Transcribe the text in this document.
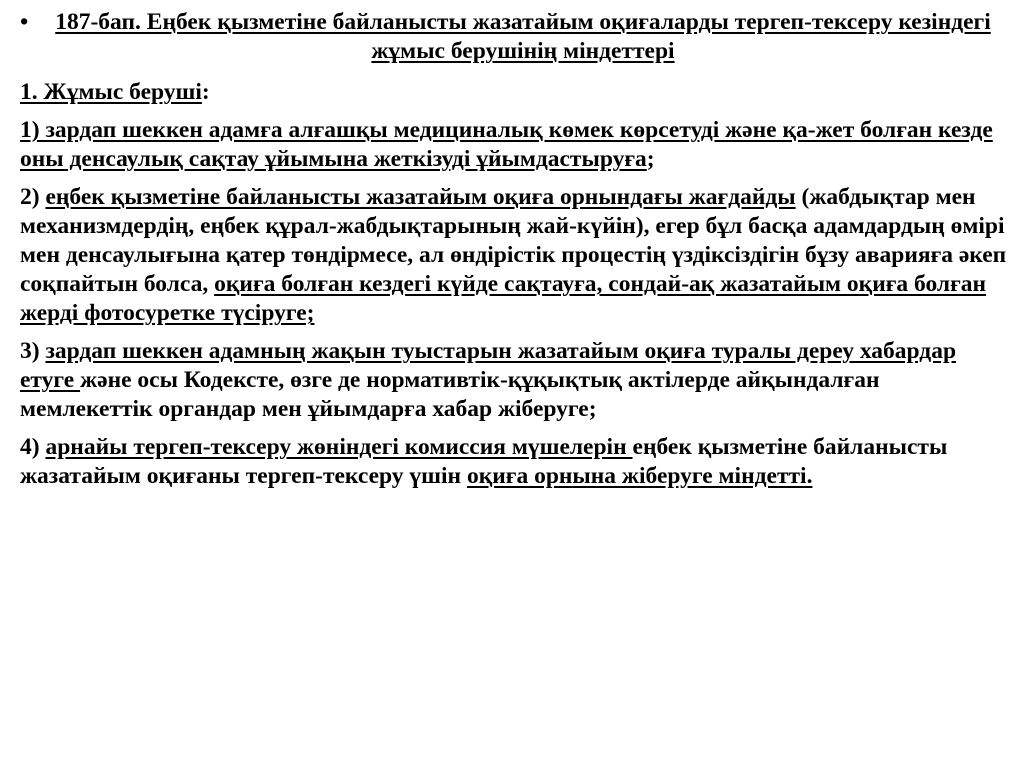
• 187-бап. Еңбек қызметіне байланысты жазатайым оқиғаларды тергеп-тексеру кезіндегі жұмыс берушінің міндеттері
1. Жұмыс беруші:
1) зардап шеккен адамға алғашқы медициналық көмек көрсетуді және қа-жет болған кезде оны денсаулық сақтау ұйымына жеткізуді ұйымдастыруға;
2) еңбек қызметіне байланысты жазатайым оқиға орнындағы жағдайды (жабдықтар мен механизмдердің, еңбек құрал-жабдықтарының жай-күйін), егер бұл басқа адамдардың өмірі мен денсаулығына қатер төндірмесе, ал өндірістік процестің үздіксіздігін бұзу аварияға әкеп соқпайтын болса, оқиға болған кездегі күйде сақтауға, сондай-ақ жазатайым оқиға болған жерді фотосуретке түсіруге;
3) зардап шеккен адамның жақын туыстарын жазатайым оқиға туралы дереу хабардар етуге және осы Кодексте, өзге де нормативтік-құқықтық актілерде айқындалған мемлекеттік органдар мен ұйымдарға хабар жіберуге;
4) арнайы тергеп-тексеру жөніндегі комиссия мүшелерін еңбек қызметіне байланысты жазатайым оқиғаны тергеп-тексеру үшін оқиға орнына жіберуге міндетті.
